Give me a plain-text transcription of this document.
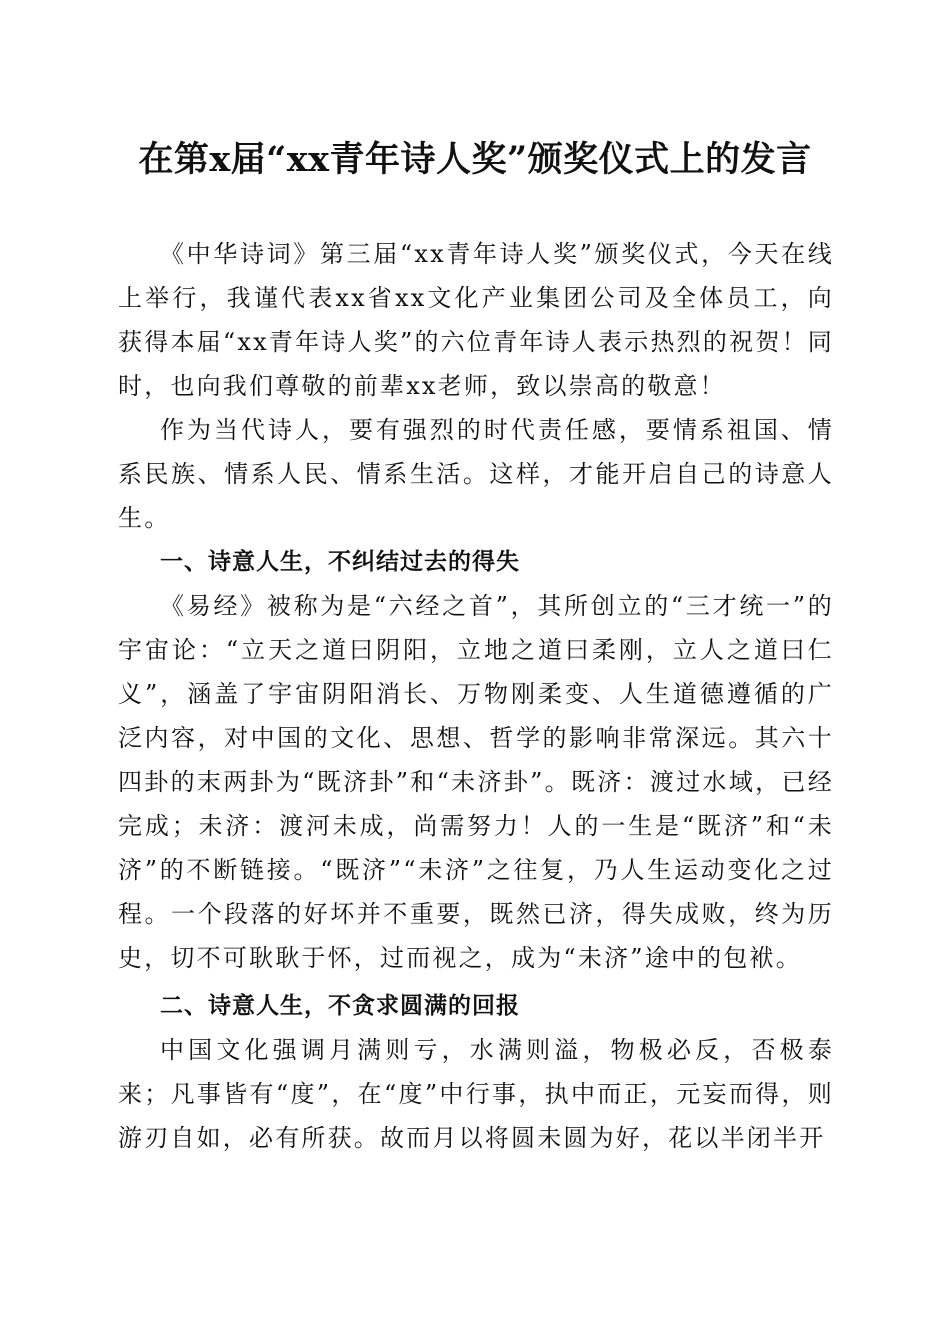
在第x届“xx青年诗人奖”颁奖仪式上的发言

《中华诗词》第三届“xx青年诗人奖”颁奖仪式，今天在线上举行，我谨代表xx省xx文化产业集团公司及全体员工，向获得本届“xx青年诗人奖”的六位青年诗人表示热烈的祝贺！同时，也向我们尊敬的前辈xx老师，致以崇高的敬意！

作为当代诗人，要有强烈的时代责任感，要情系祖国、情系民族、情系人民、情系生活。这样，才能开启自己的诗意人生。

一、诗意人生，不纠结过去的得失

《易经》被称为是“六经之首”，其所创立的“三才统一”的宇宙论：“立天之道曰阴阳，立地之道曰柔刚，立人之道曰仁义”，涵盖了宇宙阴阳消长、万物刚柔变、人生道德遵循的广泛内容，对中国的文化、思想、哲学的影响非常深远。其六十四卦的末两卦为“既济卦”和“未济卦”。既济：渡过水域，已经完成；未济：渡河未成，尚需努力！人的一生是“既济”和“未济”的不断链接。“既济”“未济”之往复，乃人生运动变化之过程。一个段落的好坏并不重要，既然已济，得失成败，终为历史，切不可耿耿于怀，过而视之，成为“未济”途中的包袱。

二、诗意人生，不贪求圆满的回报

中国文化强调月满则亏，水满则溢，物极必反，否极泰来；凡事皆有“度”，在“度”中行事，执中而正，元妄而得，则游刃自如，必有所获。故而月以将圆未圆为好，花以半闭半开
